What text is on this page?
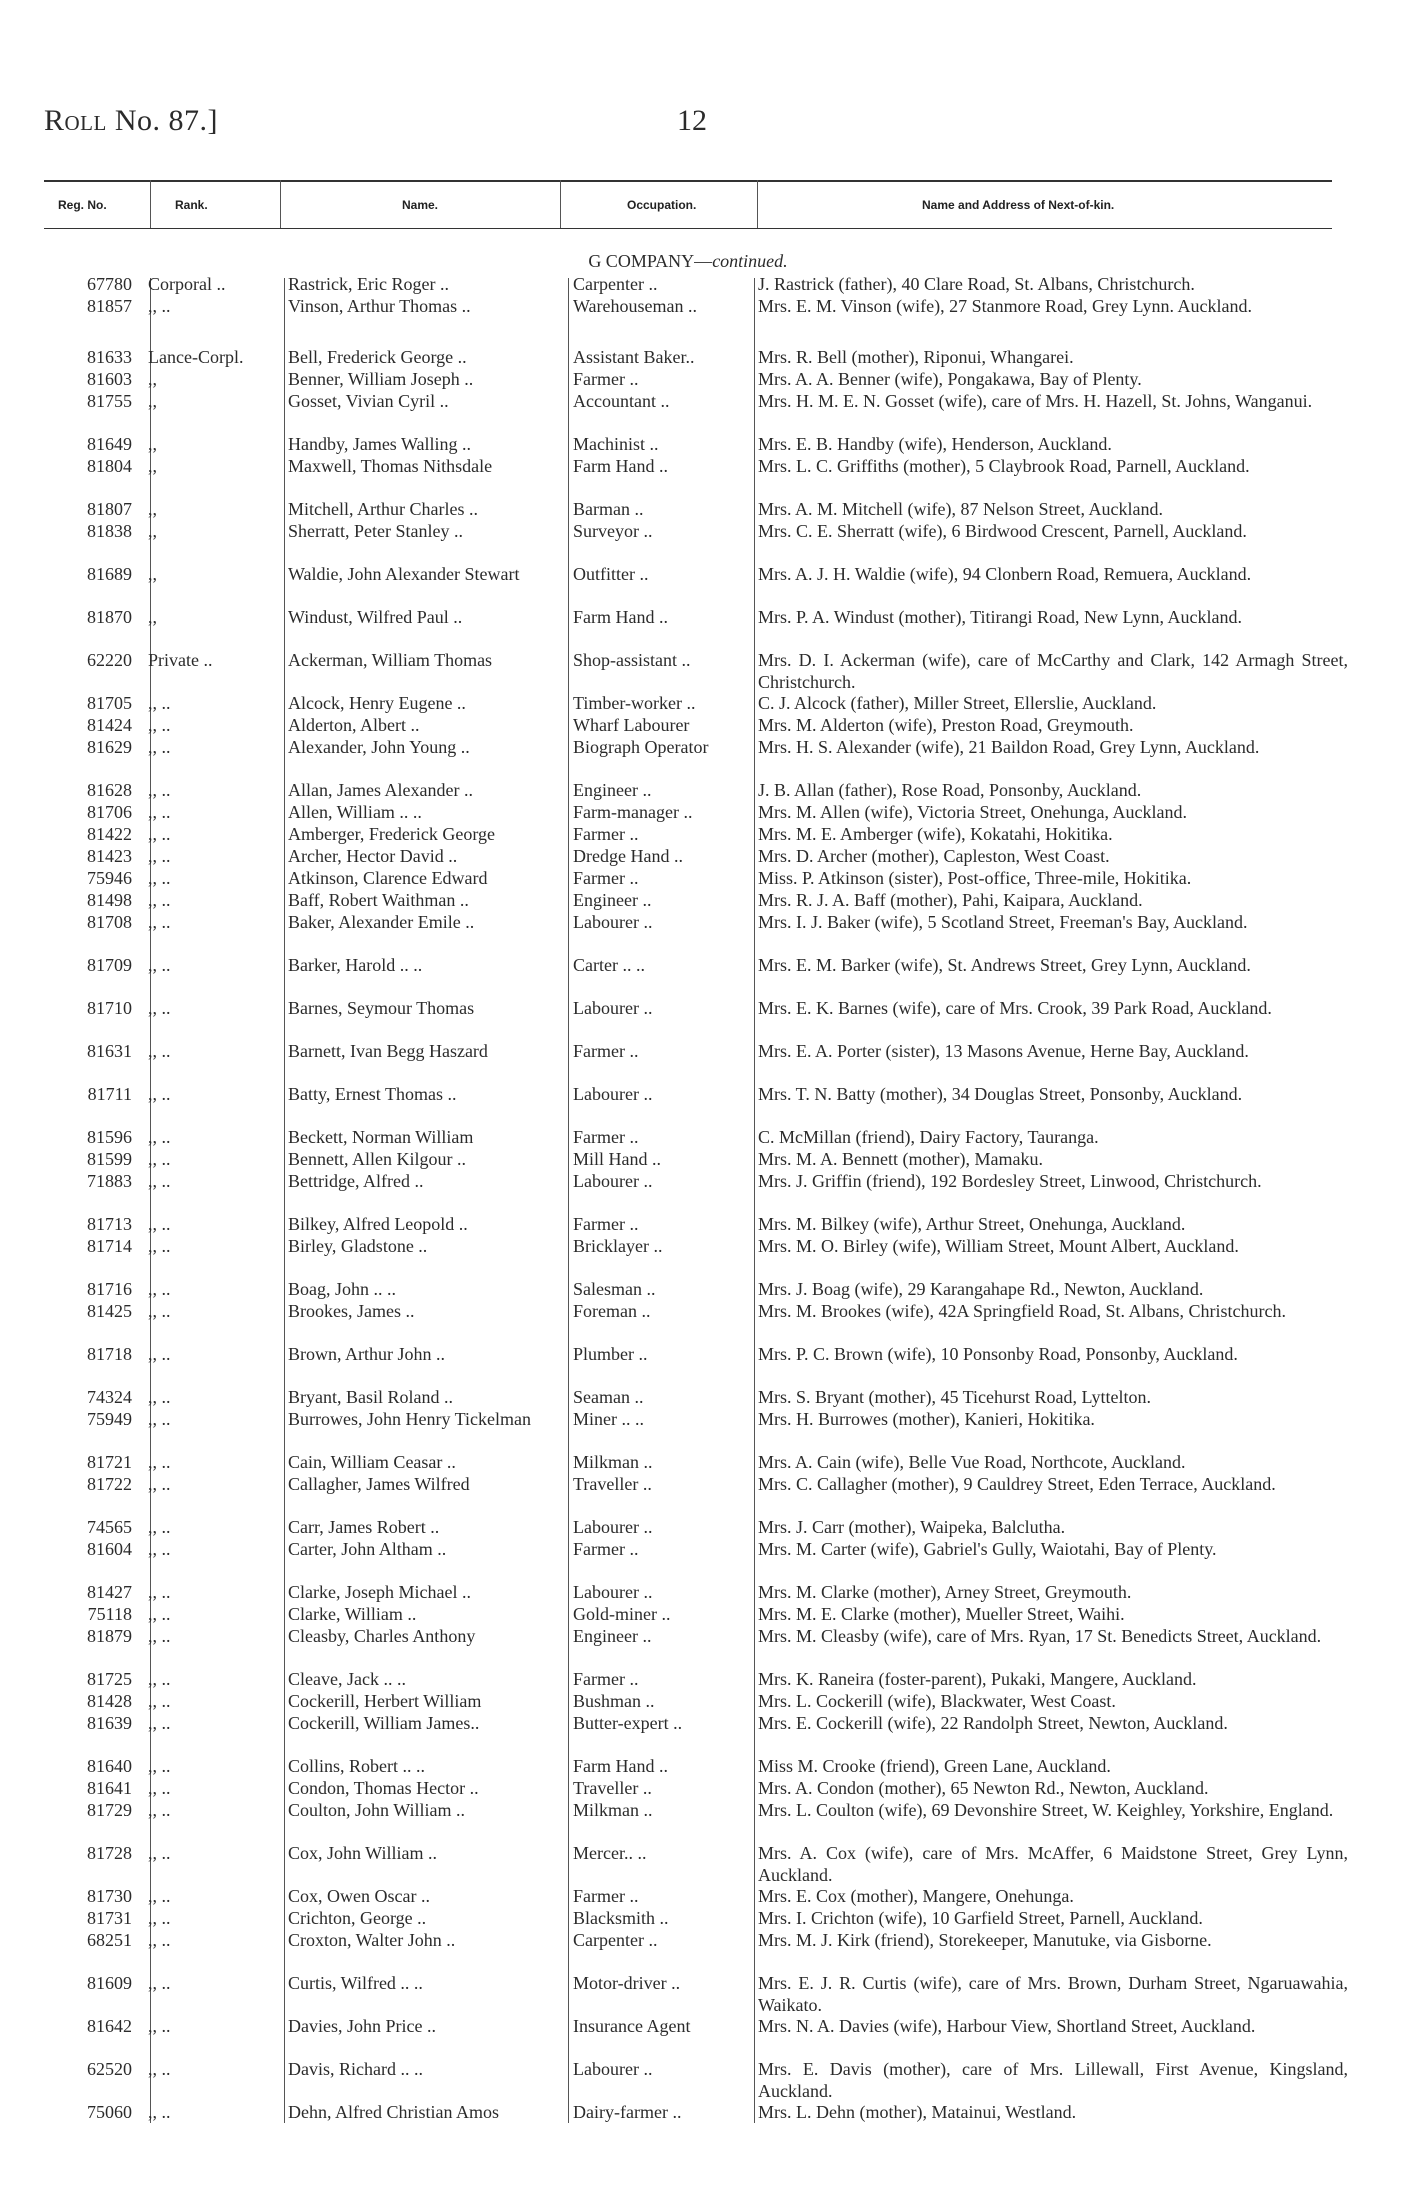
Roll No. 87.]	12
Reg. No.	Rank.	Name.	Occupation.	Name and Address of Next-of-kin.
G COMPANY—continued.
67780 Corporal ..	Rastrick, Eric Roger ..	Carpenter ..	J. Rastrick (father), 40 Clare Road, St. Albans, Christchurch.
81857 ,, ..	Vinson, Arthur Thomas ..	Warehouseman ..	Mrs. E. M. Vinson (wife), 27 Stanmore Road, Grey Lynn. Auckland.
81633 Lance-Corpl.	Bell, Frederick George ..	Assistant Baker..	Mrs. R. Bell (mother), Riponui, Whangarei.
81603 ,,	Benner, William Joseph ..	Farmer ..	Mrs. A. A. Benner (wife), Pongakawa, Bay of Plenty.
81755 ,,	Gosset, Vivian Cyril ..	Accountant ..	Mrs. H. M. E. N. Gosset (wife), care of Mrs. H. Hazell, St. Johns, Wanganui.
81649 ,,	Handby, James Walling ..	Machinist ..	Mrs. E. B. Handby (wife), Henderson, Auckland.
81804 ,,	Maxwell, Thomas Nithsdale	Farm Hand ..	Mrs. L. C. Griffiths (mother), 5 Claybrook Road, Parnell, Auckland.
81807 ,,	Mitchell, Arthur Charles ..	Barman ..	Mrs. A. M. Mitchell (wife), 87 Nelson Street, Auckland.
81838 ,,	Sherratt, Peter Stanley ..	Surveyor ..	Mrs. C. E. Sherratt (wife), 6 Birdwood Crescent, Parnell, Auckland.
81689 ,,	Waldie, John Alexander Stewart	Outfitter ..	Mrs. A. J. H. Waldie (wife), 94 Clonbern Road, Remuera, Auckland.
81870 ,,	Windust, Wilfred Paul ..	Farm Hand ..	Mrs. P. A. Windust (mother), Titirangi Road, New Lynn, Auckland.
62220 Private ..	Ackerman, William Thomas	Shop-assistant ..	Mrs. D. I. Ackerman (wife), care of McCarthy and Clark, 142 Armagh Street, Christchurch.
81705 ,, ..	Alcock, Henry Eugene ..	Timber-worker ..	C. J. Alcock (father), Miller Street, Ellerslie, Auckland.
81424 ,, ..	Alderton, Albert ..	Wharf Labourer	Mrs. M. Alderton (wife), Preston Road, Greymouth.
81629 ,, ..	Alexander, John Young ..	Biograph Operator	Mrs. H. S. Alexander (wife), 21 Baildon Road, Grey Lynn, Auckland.
81628 ,, ..	Allan, James Alexander ..	Engineer ..	J. B. Allan (father), Rose Road, Ponsonby, Auckland.
81706 ,, ..	Allen, William .. ..	Farm-manager ..	Mrs. M. Allen (wife), Victoria Street, Onehunga, Auckland.
81422 ,, ..	Amberger, Frederick George	Farmer ..	Mrs. M. E. Amberger (wife), Kokatahi, Hokitika.
81423 ,, ..	Archer, Hector David ..	Dredge Hand ..	Mrs. D. Archer (mother), Capleston, West Coast.
75946 ,, ..	Atkinson, Clarence Edward	Farmer ..	Miss. P. Atkinson (sister), Post-office, Three-mile, Hokitika.
81498 ,, ..	Baff, Robert Waithman ..	Engineer ..	Mrs. R. J. A. Baff (mother), Pahi, Kaipara, Auckland.
81708 ,, ..	Baker, Alexander Emile ..	Labourer ..	Mrs. I. J. Baker (wife), 5 Scotland Street, Freeman's Bay, Auckland.
81709 ,, ..	Barker, Harold .. ..	Carter .. ..	Mrs. E. M. Barker (wife), St. Andrews Street, Grey Lynn, Auckland.
81710 ,, ..	Barnes, Seymour Thomas	Labourer ..	Mrs. E. K. Barnes (wife), care of Mrs. Crook, 39 Park Road, Auckland.
81631 ,, ..	Barnett, Ivan Begg Haszard	Farmer ..	Mrs. E. A. Porter (sister), 13 Masons Avenue, Herne Bay, Auckland.
81711 ,, ..	Batty, Ernest Thomas ..	Labourer ..	Mrs. T. N. Batty (mother), 34 Douglas Street, Ponsonby, Auckland.
81596 ,, ..	Beckett, Norman William	Farmer ..	C. McMillan (friend), Dairy Factory, Tauranga.
81599 ,, ..	Bennett, Allen Kilgour ..	Mill Hand ..	Mrs. M. A. Bennett (mother), Mamaku.
71883 ,, ..	Bettridge, Alfred ..	Labourer ..	Mrs. J. Griffin (friend), 192 Bordesley Street, Linwood, Christchurch.
81713 ,, ..	Bilkey, Alfred Leopold ..	Farmer ..	Mrs. M. Bilkey (wife), Arthur Street, Onehunga, Auckland.
81714 ,, ..	Birley, Gladstone ..	Bricklayer ..	Mrs. M. O. Birley (wife), William Street, Mount Albert, Auckland.
81716 ,, ..	Boag, John .. ..	Salesman ..	Mrs. J. Boag (wife), 29 Karangahape Rd., Newton, Auckland.
81425 ,, ..	Brookes, James ..	Foreman ..	Mrs. M. Brookes (wife), 42A Springfield Road, St. Albans, Christchurch.
81718 ,, ..	Brown, Arthur John ..	Plumber ..	Mrs. P. C. Brown (wife), 10 Ponsonby Road, Ponsonby, Auckland.
74324 ,, ..	Bryant, Basil Roland ..	Seaman ..	Mrs. S. Bryant (mother), 45 Ticehurst Road, Lyttelton.
75949 ,, ..	Burrowes, John Henry Tickelman	Miner .. ..	Mrs. H. Burrowes (mother), Kanieri, Hokitika.
81721 ,, ..	Cain, William Ceasar ..	Milkman ..	Mrs. A. Cain (wife), Belle Vue Road, Northcote, Auckland.
81722 ,, ..	Callagher, James Wilfred	Traveller ..	Mrs. C. Callagher (mother), 9 Cauldrey Street, Eden Terrace, Auckland.
74565 ,, ..	Carr, James Robert ..	Labourer ..	Mrs. J. Carr (mother), Waipeka, Balclutha.
81604 ,, ..	Carter, John Altham ..	Farmer ..	Mrs. M. Carter (wife), Gabriel's Gully, Waiotahi, Bay of Plenty.
81427 ,, ..	Clarke, Joseph Michael ..	Labourer ..	Mrs. M. Clarke (mother), Arney Street, Greymouth.
75118 ,, ..	Clarke, William ..	Gold-miner ..	Mrs. M. E. Clarke (mother), Mueller Street, Waihi.
81879 ,, ..	Cleasby, Charles Anthony	Engineer ..	Mrs. M. Cleasby (wife), care of Mrs. Ryan, 17 St. Benedicts Street, Auckland.
81725 ,, ..	Cleave, Jack .. ..	Farmer ..	Mrs. K. Raneira (foster-parent), Pukaki, Mangere, Auckland.
81428 ,, ..	Cockerill, Herbert William	Bushman ..	Mrs. L. Cockerill (wife), Blackwater, West Coast.
81639 ,, ..	Cockerill, William James..	Butter-expert ..	Mrs. E. Cockerill (wife), 22 Randolph Street, Newton, Auckland.
81640 ,, ..	Collins, Robert .. ..	Farm Hand ..	Miss M. Crooke (friend), Green Lane, Auckland.
81641 ,, ..	Condon, Thomas Hector ..	Traveller ..	Mrs. A. Condon (mother), 65 Newton Rd., Newton, Auckland.
81729 ,, ..	Coulton, John William ..	Milkman ..	Mrs. L. Coulton (wife), 69 Devonshire Street, W. Keighley, Yorkshire, England.
81728 ,, ..	Cox, John William ..	Mercer.. ..	Mrs. A. Cox (wife), care of Mrs. McAffer, 6 Maidstone Street, Grey Lynn, Auckland.
81730 ,, ..	Cox, Owen Oscar ..	Farmer ..	Mrs. E. Cox (mother), Mangere, Onehunga.
81731 ,, ..	Crichton, George ..	Blacksmith ..	Mrs. I. Crichton (wife), 10 Garfield Street, Parnell, Auckland.
68251 ,, ..	Croxton, Walter John ..	Carpenter ..	Mrs. M. J. Kirk (friend), Storekeeper, Manutuke, via Gisborne.
81609 ,, ..	Curtis, Wilfred .. ..	Motor-driver ..	Mrs. E. J. R. Curtis (wife), care of Mrs. Brown, Durham Street, Ngaruawahia, Waikato.
81642 ,, ..	Davies, John Price ..	Insurance Agent	Mrs. N. A. Davies (wife), Harbour View, Shortland Street, Auckland.
62520 ,, ..	Davis, Richard .. ..	Labourer ..	Mrs. E. Davis (mother), care of Mrs. Lillewall, First Avenue, Kingsland, Auckland.
75060 ,, ..	Dehn, Alfred Christian Amos	Dairy-farmer ..	Mrs. L. Dehn (mother), Matainui, Westland.
